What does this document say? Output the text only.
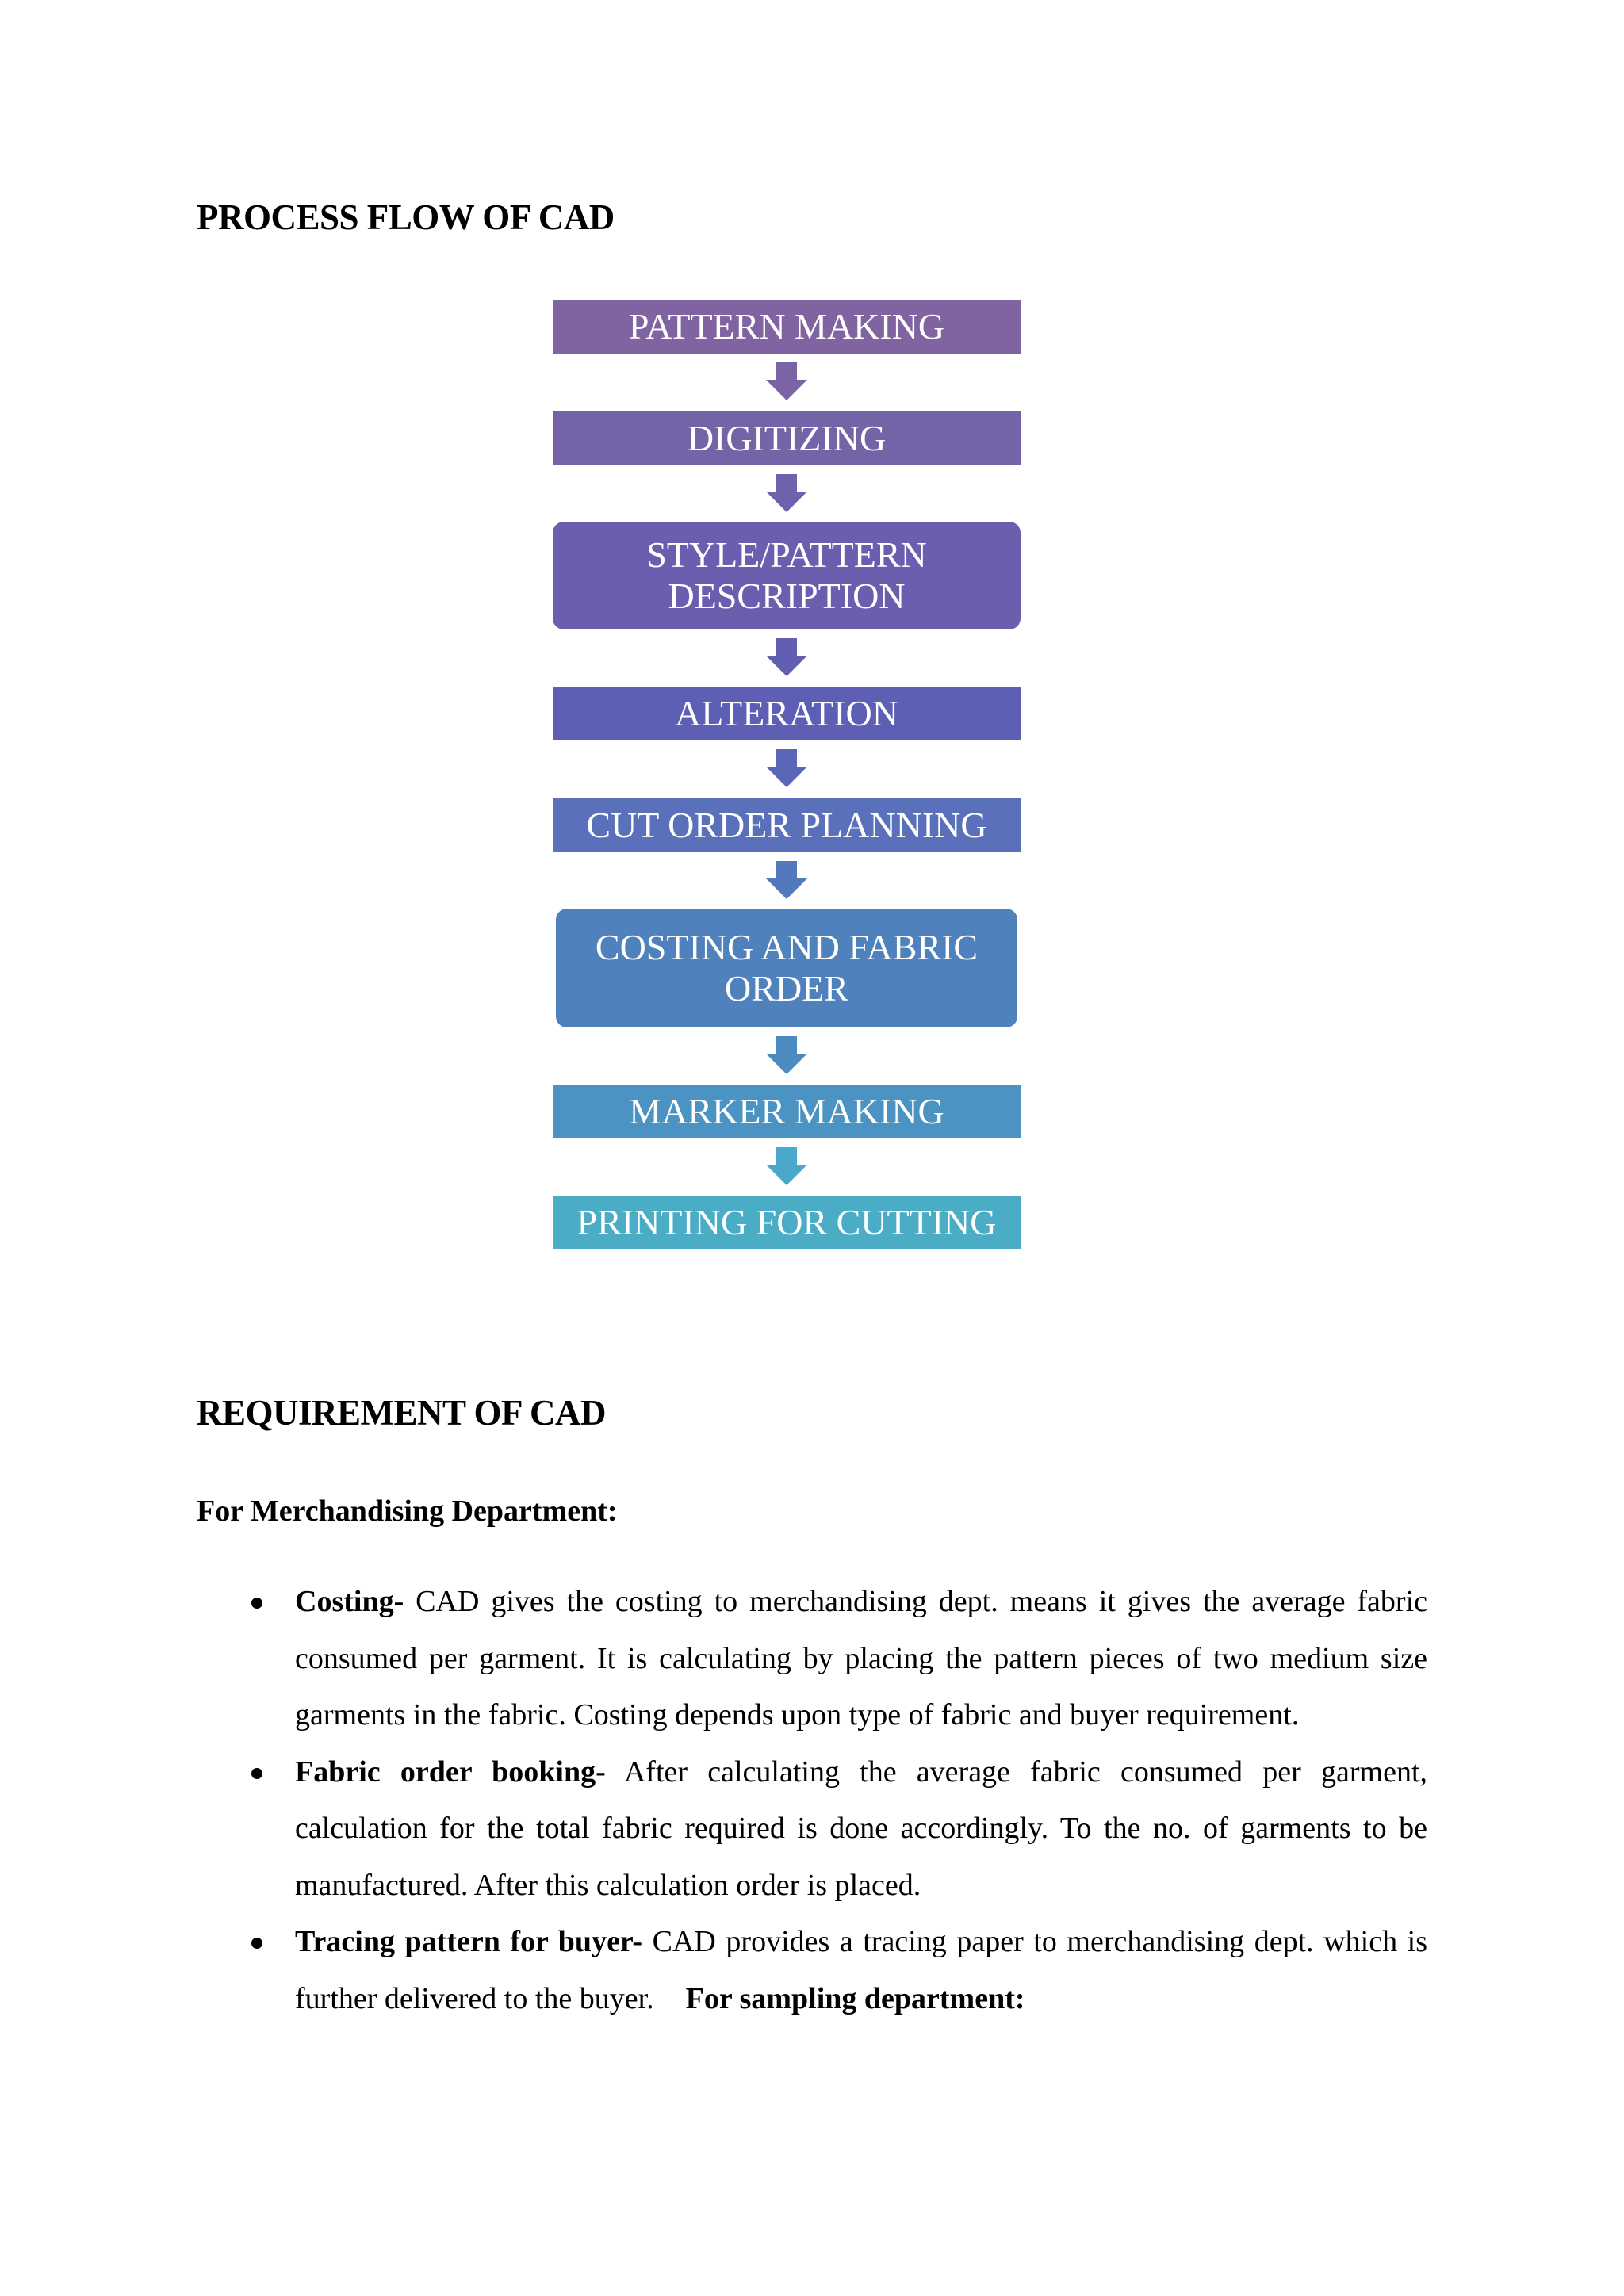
PROCESS FLOW OF CAD
PATTERN MAKING
DIGITIZING
STYLE/PATTERN
DESCRIPTION
ALTERATION
CUT ORDER PLANNING
COSTING AND FABRIC
ORDER
MARKER MAKING
PRINTING FOR CUTTING
REQUIREMENT OF CAD
For Merchandising Department:
Costing- CAD gives the costing to merchandising dept. means it gives the average fabric consumed per garment. It is calculating by placing the pattern pieces of two medium size garments in the fabric. Costing depends upon type of fabric and buyer requirement.
Fabric order booking- After calculating the average fabric consumed per garment, calculation for the total fabric required is done accordingly. To the no. of garments to be manufactured. After this calculation order is placed.
Tracing pattern for buyer- CAD provides a tracing paper to merchandising dept. which is further delivered to the buyer. For sampling department:
